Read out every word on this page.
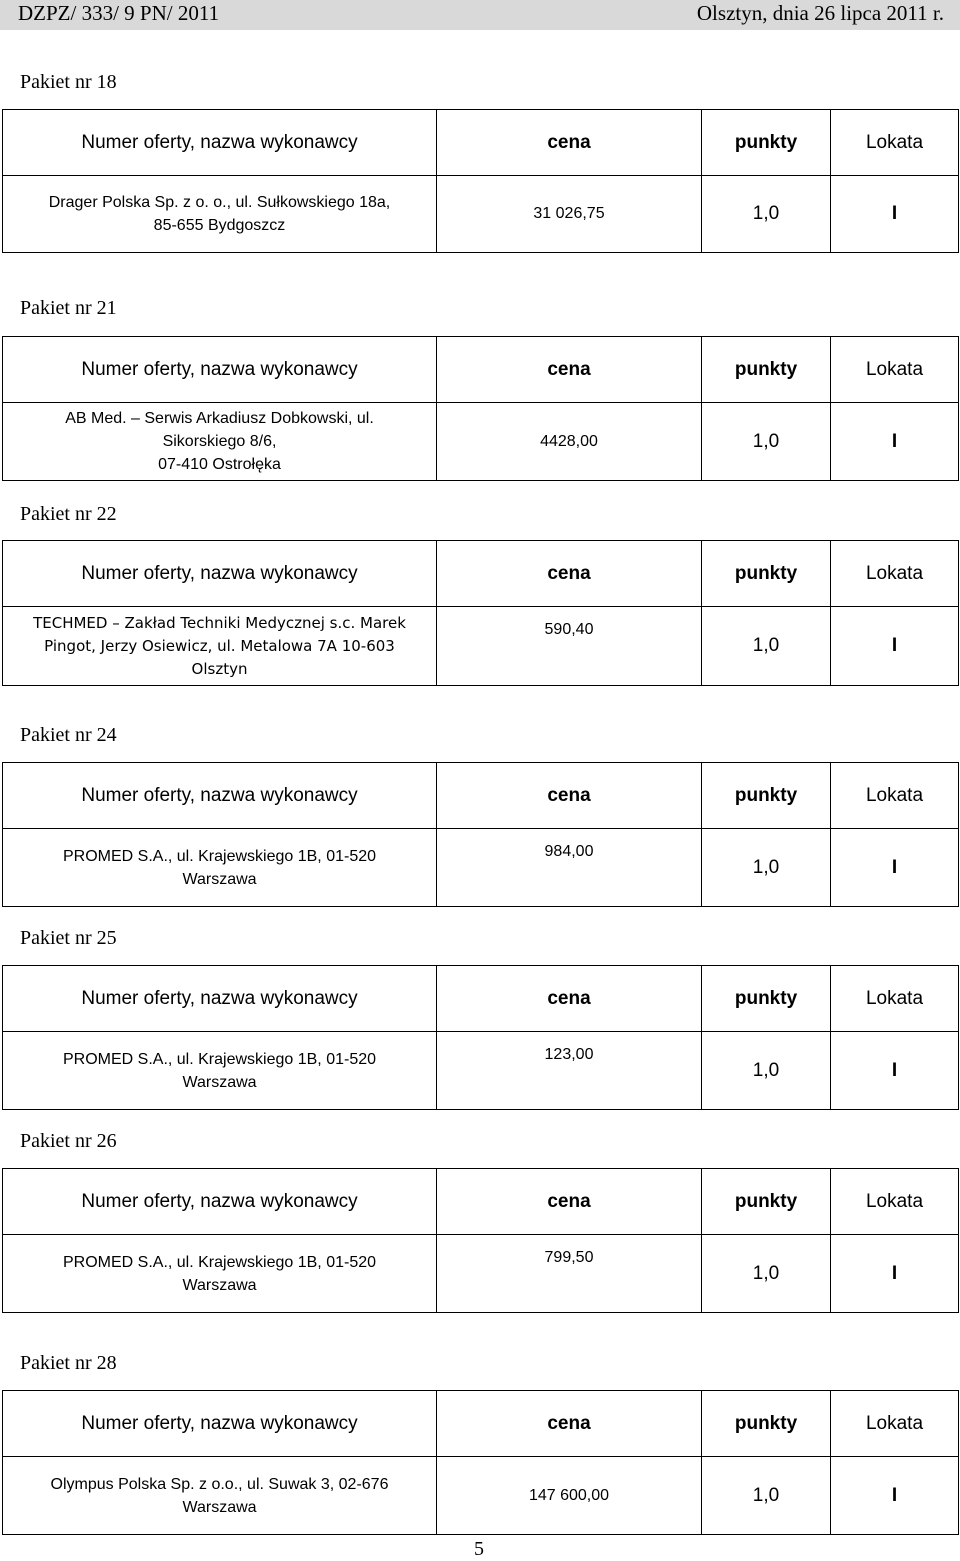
DZPZ/ 333/ 9 PN/ 2011	Olsztyn, dnia 26 lipca 2011 r.
Pakiet nr 18
Numer oferty, nazwa wykonawcy	cena	punkty	Lokata
Drager Polska Sp. z o. o., ul. Sułkowskiego 18a,
85-655 Bydgoszcz	31 026,75	1,0	I
Pakiet nr 21
Numer oferty, nazwa wykonawcy	cena	punkty	Lokata
AB Med. – Serwis Arkadiusz Dobkowski, ul.
Sikorskiego 8/6,
07-410 Ostrołęka	4428,00	1,0	I
Pakiet nr 22
Numer oferty, nazwa wykonawcy	cena	punkty	Lokata
TECHMED – Zakład Techniki Medycznej s.c. Marek
Pingot, Jerzy Osiewicz, ul. Metalowa 7A 10-603
Olsztyn	590,40	1,0	I
Pakiet nr 24
Numer oferty, nazwa wykonawcy	cena	punkty	Lokata
PROMED S.A., ul. Krajewskiego 1B, 01-520
Warszawa	984,00	1,0	I
Pakiet nr 25
Numer oferty, nazwa wykonawcy	cena	punkty	Lokata
PROMED S.A., ul. Krajewskiego 1B, 01-520
Warszawa	123,00	1,0	I
Pakiet nr 26
Numer oferty, nazwa wykonawcy	cena	punkty	Lokata
PROMED S.A., ul. Krajewskiego 1B, 01-520
Warszawa	799,50	1,0	I
Pakiet nr 28
Numer oferty, nazwa wykonawcy	cena	punkty	Lokata
Olympus Polska Sp. z o.o., ul. Suwak 3, 02-676
Warszawa	147 600,00	1,0	I
5
